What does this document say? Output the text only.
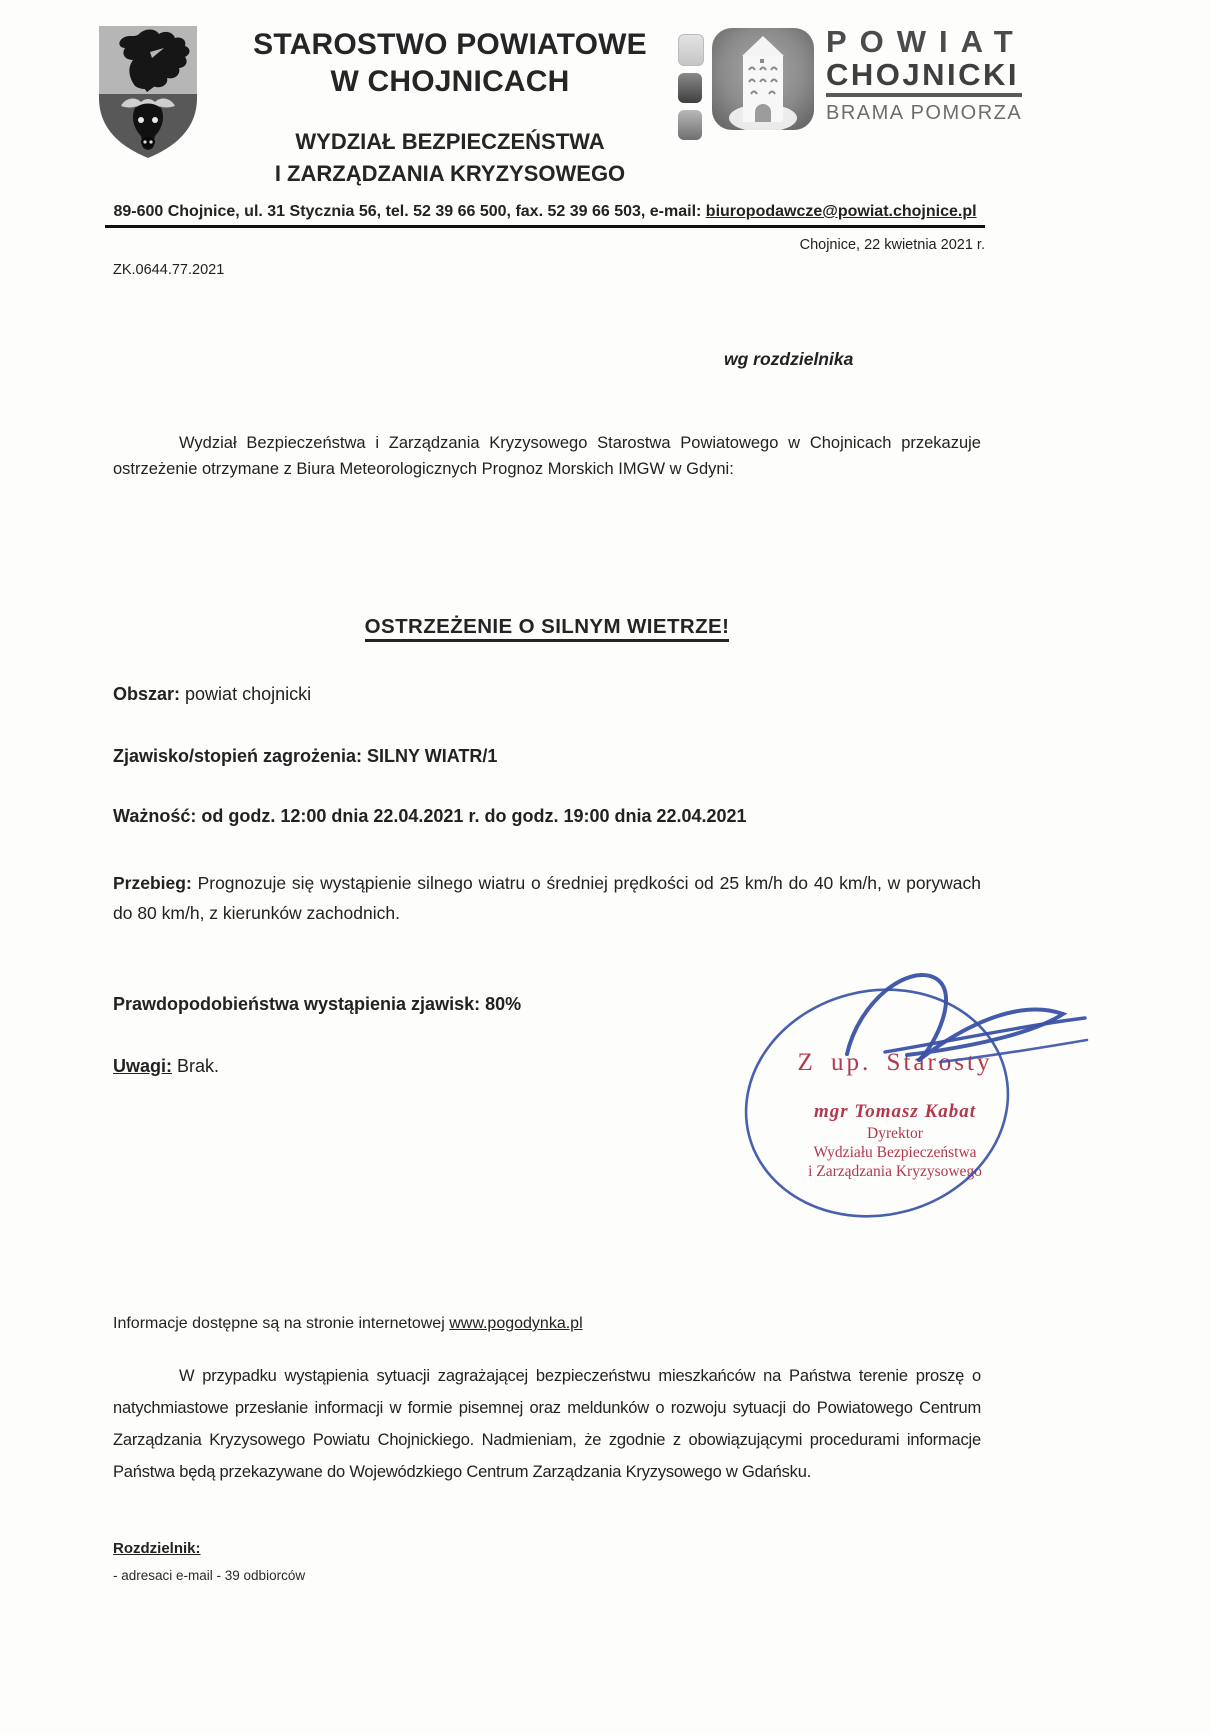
STAROSTWO POWIATOWE
W CHOJNICACH
WYDZIAŁ BEZPIECZEŃSTWA
I ZARZĄDZANIA KRYZYSOWEGO
POWIAT
CHOJNICKI
BRAMA POMORZA
89-600 Chojnice, ul. 31 Stycznia 56, tel. 52 39 66 500, fax. 52 39 66 503, e-mail: biuropodawcze@powiat.chojnice.pl
Chojnice, 22 kwietnia 2021 r.
ZK.0644.77.2021
wg rozdzielnika
Wydział Bezpieczeństwa i Zarządzania Kryzysowego Starostwa Powiatowego w Chojnicach przekazuje ostrzeżenie otrzymane z Biura Meteorologicznych Prognoz Morskich IMGW w Gdyni:
OSTRZEŻENIE O SILNYM WIETRZE!
Obszar: powiat chojnicki
Zjawisko/stopień zagrożenia: SILNY WIATR/1
Ważność: od godz. 12:00 dnia 22.04.2021 r. do godz. 19:00 dnia 22.04.2021
Przebieg: Prognozuje się wystąpienie silnego wiatru o średniej prędkości od 25 km/h do 40 km/h, w porywach do 80 km/h, z kierunków zachodnich.
Prawdopodobieństwa wystąpienia zjawisk: 80%
Uwagi: Brak.	Z up. Starosty
mgr Tomasz Kabat
Dyrektor
Wydziału Bezpieczeństwa
i Zarządzania Kryzysowego
Informacje dostępne są na stronie internetowej www.pogodynka.pl
W przypadku wystąpienia sytuacji zagrażającej bezpieczeństwu mieszkańców na Państwa terenie proszę o natychmiastowe przesłanie informacji w formie pisemnej oraz meldunków o rozwoju sytuacji do Powiatowego Centrum Zarządzania Kryzysowego Powiatu Chojnickiego. Nadmieniam, że zgodnie z obowiązującymi procedurami informacje Państwa będą przekazywane do Wojewódzkiego Centrum Zarządzania Kryzysowego w Gdańsku.
Rozdzielnik:
- adresaci e-mail - 39 odbiorców
